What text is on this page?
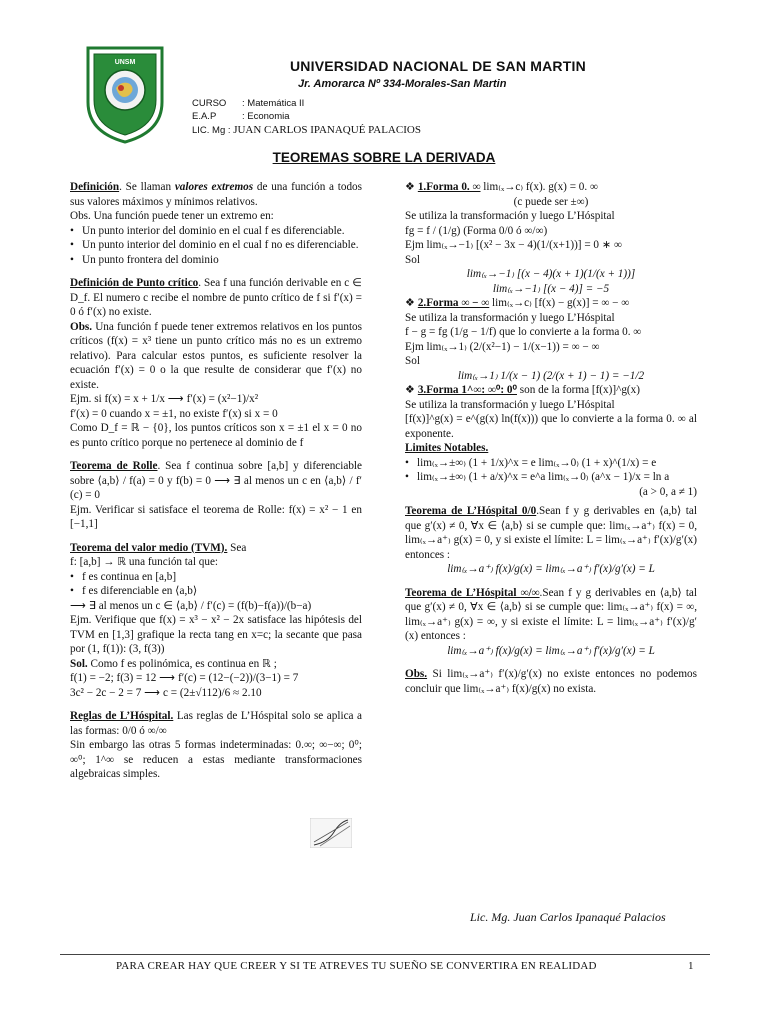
UNSM	UNIVERSIDAD NACIONAL DE SAN MARTIN
Jr. Amorarca Nº 334-Morales-San Martin
CURSO : Matemática II
E.A.P	: Economia
LIC. Mg : JUAN CARLOS IPANAQUÉ PALACIOS
TEOREMAS SOBRE LA DERIVADA

Definición. Se llaman valores extremos de una función a todos sus valores máximos y mínimos relativos.

Obs. Una función puede tener un extremo en:

• Un punto interior del dominio en el cual f es diferenciable.
• Un punto interior del dominio en el cual f no es diferenciable.
• Un punto frontera del dominio

Definición de Punto crítico. Sea f una función derivable en c ∈ D_f. El numero c recibe el nombre de punto crítico de f si f′(x) = 0 ó f′(x) no existe.

Obs. Una función f puede tener extremos relativos en los puntos críticos (f(x) = x³ tiene un punto crítico más no es un extremo relativo). Para calcular estos puntos, es suficiente resolver la ecuación f′(x) = 0 o la que resulte de considerar que f′(x) no existe.

Ejm. si f(x) = x + 1/x ⟶ f′(x) = (x²−1)/x²

f′(x) = 0 cuando x = ±1, no existe f′(x) si x = 0

Como D_f = ℝ − {0}, los puntos críticos son x = ±1 el x = 0 no es punto crítico porque no pertenece al dominio de f

Teorema de Rolle. Sea f continua sobre [a,b] y diferenciable sobre ⟨a,b⟩ / f(a) = 0 y f(b) = 0 ⟶ ∃ al menos un c en ⟨a,b⟩ / f′(c) = 0

Ejm. Verificar si satisface el teorema de Rolle: f(x) = x² − 1 en [−1,1]

Teorema del valor medio (TVM). Sea

f: [a,b] → ℝ una función tal que:

• f es continua en [a,b]
• f es diferenciable en ⟨a,b⟩

⟶ ∃ al menos un c ∈ ⟨a,b⟩ / f′(c) = (f(b)−f(a))/(b−a)

Ejm. Verifique que f(x) = x³ − x² − 2x satisface las hipótesis del TVM en [1,3] grafique la recta tang en x=c; la secante que pasa por (1, f(1)): (3, f(3))

Sol. Como f es polinómica, es continua en ℝ ;

f(1) = −2; f(3) = 12 ⟶ f′(c) = (12−(−2))/(3−1) = 7

3c² − 2c − 2 = 7 ⟶ c = (2±√112)/6 ≈ 2.10

Reglas de L’Hóspital. Las reglas de L’Hóspital solo se aplica a las formas: 0/0 ó ∞/∞

Sin embargo las otras 5 formas indeterminadas: 0.∞; ∞−∞; 0⁰; ∞⁰; 1^∞ se reducen a estas mediante transformaciones algebraicas simples.

❖ 1.Forma 0. ∞ lim₍ₓ→c₎ f(x). g(x) = 0. ∞

(c puede ser ±∞)

Se utiliza la transformación y luego L’Hóspital

fg = f / (1/g) (Forma 0/0 ó ∞/∞)

Ejm lim₍ₓ→−1₎ [(x² − 3x − 4)(1/(x+1))] = 0 ∗ ∞

Sol

lim₍ₓ→−1₎ [(x − 4)(x + 1)(1/(x + 1))]

lim₍ₓ→−1₎ [(x − 4)] = −5

❖ 2.Forma ∞ − ∞ lim₍ₓ→c₎ [f(x) − g(x)] = ∞ − ∞

Se utiliza la transformación y luego L’Hóspital

f − g = fg (1/g − 1/f) que lo convierte a la forma 0. ∞

Ejm lim₍ₓ→1₎ (2/(x²−1) − 1/(x−1)) = ∞ − ∞

Sol

lim₍ₓ→1₎ 1/(x − 1) (2/(x + 1) − 1) = −1/2

❖ 3.Forma 1^∞: ∞⁰: 0⁰ son de la forma [f(x)]^g(x)

Se utiliza la transformación y luego L’Hóspital

[f(x)]^g(x) = e^(g(x) ln(f(x))) que lo convierte a la forma 0. ∞ al exponente.

Limites Notables.

• lim₍ₓ→±∞₎ (1 + 1/x)^x = e lim₍ₓ→0₎ (1 + x)^(1/x) = e
• lim₍ₓ→±∞₎ (1 + a/x)^x = e^a lim₍ₓ→0₎ (a^x − 1)/x = ln a

(a > 0, a ≠ 1)

Teorema de L’Hóspital 0/0.Sean f y g derivables en ⟨a,b⟩ tal que g′(x) ≠ 0, ∀x ∈ ⟨a,b⟩ si se cumple que: lim₍ₓ→a⁺₎ f(x) = 0, lim₍ₓ→a⁺₎ g(x) = 0, y si existe el límite: L = lim₍ₓ→a⁺₎ f′(x)/g′(x) entonces :

lim₍ₓ→a⁺₎ f(x)/g(x) = lim₍ₓ→a⁺₎ f′(x)/g′(x) = L

Teorema de L’Hóspital ∞/∞.Sean f y g derivables en ⟨a,b⟩ tal que g′(x) ≠ 0, ∀x ∈ ⟨a,b⟩ si se cumple que: lim₍ₓ→a⁺₎ f(x) = ∞, lim₍ₓ→a⁺₎ g(x) = ∞, y si existe el límite: L = lim₍ₓ→a⁺₎ f′(x)/g′(x) entonces :

lim₍ₓ→a⁺₎ f(x)/g(x) = lim₍ₓ→a⁺₎ f′(x)/g′(x) = L

Obs. Si lim₍ₓ→a⁺₎ f′(x)/g′(x) no existe entonces no podemos concluir que lim₍ₓ→a⁺₎ f(x)/g(x) no exista.

Lic. Mg. Juan Carlos Ipanaqué Palacios
PARA CREAR HAY QUE CREER Y SI TE ATREVES TU SUEÑO SE CONVERTIRA EN REALIDAD	1
